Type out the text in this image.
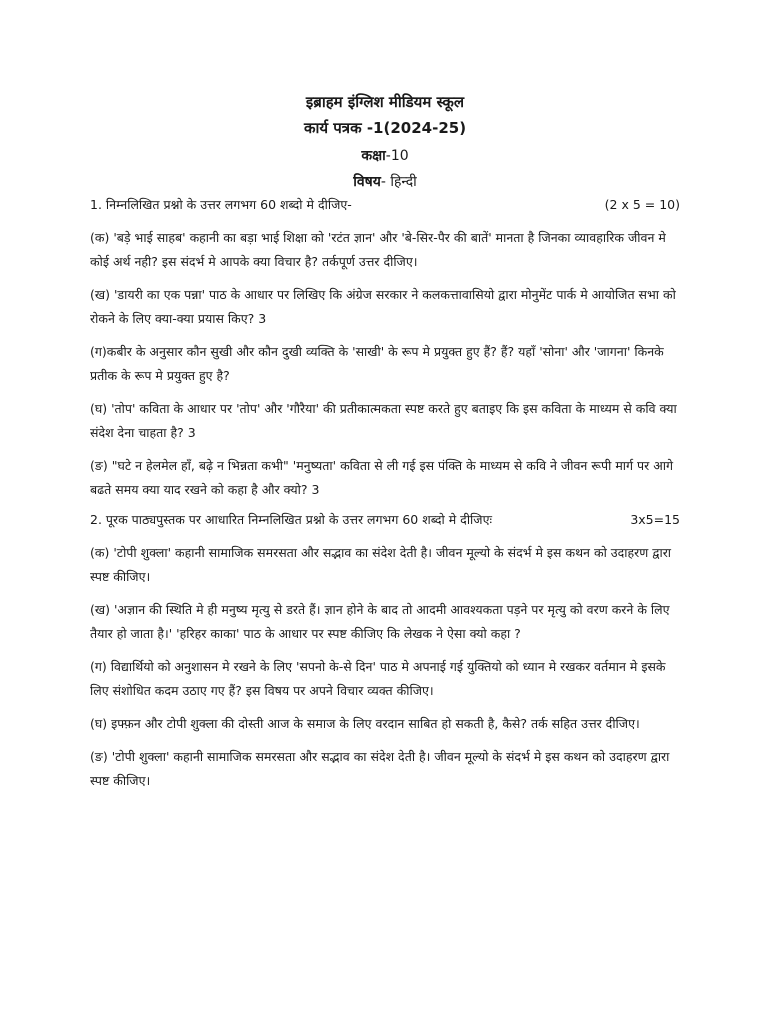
इब्राहम इंग्लिश मीडियम स्कूल
कार्य पत्रक -1(2024-25)
कक्षा-10
विषय- हिन्दी
1. निम्नलिखित प्रश्नो के उत्तर लगभग 60 शब्दो मे दीजिए-	(2 x 5 = 10)

(क) 'बड़े भाई साहब' कहानी का बड़ा भाई शिक्षा को 'रटंत ज्ञान' और 'बे-सिर-पैर की बातें' मानता है जिनका व्यावहारिक जीवन मे कोई अर्थ नही? इस संदर्भ मे आपके क्या विचार है? तर्कपूर्ण उत्तर दीजिए।

(ख) 'डायरी का एक पन्ना' पाठ के आधार पर लिखिए कि अंग्रेज सरकार ने कलकत्तावासियो द्वारा मोनुमेंट पार्क मे आयोजित सभा को रोकने के लिए क्या-क्या प्रयास किए? 3

(ग)कबीर के अनुसार कौन सुखी और कौन दुखी व्यक्ति के 'साखी' के रूप मे प्रयुक्त हुए हैं? हैं? यहाँ 'सोना' और 'जागना' किनके प्रतीक के रूप मे प्रयुक्त हुए है?

(घ) 'तोप' कविता के आधार पर 'तोप' और 'गौरैया' की प्रतीकात्मकता स्पष्ट करते हुए बताइए कि इस कविता के माध्यम से कवि क्या संदेश देना चाहता है? 3

(ङ) "घटे न हेलमेल हाँ, बढ़े न भिन्नता कभी" 'मनुष्यता' कविता से ली गई इस पंक्ति के माध्यम से कवि ने जीवन रूपी मार्ग पर आगे बढते समय क्या याद रखने को कहा है और क्यो? 3

2. पूरक पाठ्यपुस्तक पर आधारित निम्नलिखित प्रश्नो के उत्तर लगभग 60 शब्दो मे दीजिएः	3x5=15

(क) 'टोपी शुक्ला' कहानी सामाजिक समरसता और सद्भाव का संदेश देती है। जीवन मूल्यो के संदर्भ मे इस कथन को उदाहरण द्वारा स्पष्ट कीजिए।

(ख) 'अज्ञान की स्थिति मे ही मनुष्य मृत्यु से डरते हैं। ज्ञान होने के बाद तो आदमी आवश्यकता पड़ने पर मृत्यु को वरण करने के लिए तैयार हो जाता है।' 'हरिहर काका' पाठ के आधार पर स्पष्ट कीजिए कि लेखक ने ऐसा क्यो कहा ?

(ग) विद्यार्थियो को अनुशासन मे रखने के लिए 'सपनो के-से दिन' पाठ मे अपनाई गई युक्तियो को ध्यान मे रखकर वर्तमान मे इसके लिए संशोधित कदम उठाए गए हैं? इस विषय पर अपने विचार व्यक्त कीजिए।

(घ) इफ्फ़न और टोपी शुक्ला की दोस्ती आज के समाज के लिए वरदान साबित हो सकती है, कैसे? तर्क सहित उत्तर दीजिए।

(ङ) 'टोपी शुक्ला' कहानी सामाजिक समरसता और सद्भाव का संदेश देती है। जीवन मूल्यो के संदर्भ मे इस कथन को उदाहरण द्वारा स्पष्ट कीजिए।
